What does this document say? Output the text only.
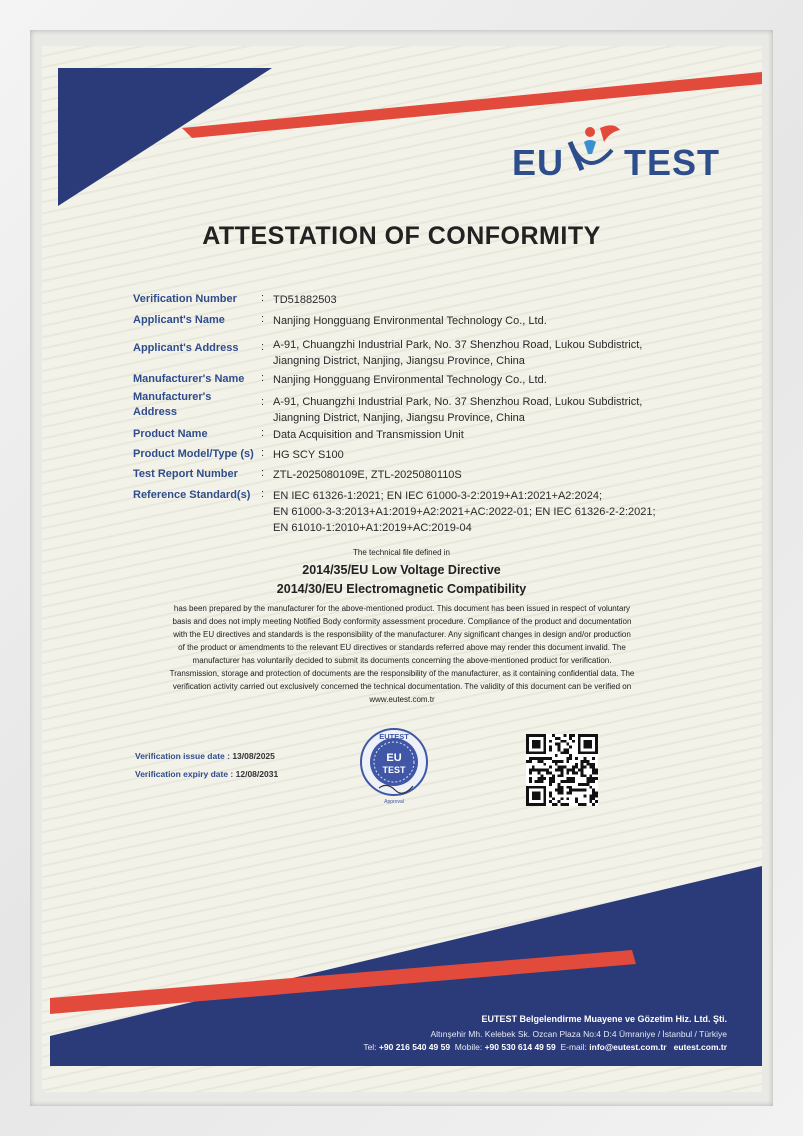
EU TEST
ATTESTATION OF CONFORMITY
Verification Number	: TD51882503
Applicant's Name	: Nanjing Hongguang Environmental Technology Co., Ltd.
Applicant's Address	: A-91, Chuangzhi Industrial Park, No. 37 Shenzhou Road, Lukou Subdistrict,
Jiangning District, Nanjing, Jiangsu Province, China
Manufacturer's Name	: Nanjing Hongguang Environmental Technology Co., Ltd.
Manufacturer's
Address
: A-91, Chuangzhi Industrial Park, No. 37 Shenzhou Road, Lukou Subdistrict,
Jiangning District, Nanjing, Jiangsu Province, China
Product Name	: Data Acquisition and Transmission Unit
Product Model/Type (s) : HG SCY S100
Test Report Number	: ZTL-2025080109E, ZTL-2025080110S
Reference Standard(s) : EN IEC 61326-1:2021; EN IEC 61000-3-2:2019+A1:2021+A2:2024;
EN 61000-3-3:2013+A1:2019+A2:2021+AC:2022-01; EN IEC 61326-2-2:2021;
EN 61010-1:2010+A1:2019+AC:2019-04
The technical file defined in
2014/35/EU Low Voltage Directive
2014/30/EU Electromagnetic Compatibility
has been prepared by the manufacturer for the above-mentioned product. This document has been issued in respect of voluntary
basis and does not imply meeting Notified Body conformity assessment procedure. Compliance of the product and documentation
with the EU directives and standards is the responsibility of the manufacturer. Any significant changes in design and/or production
of the product or amendments to the relevant EU directives or standards referred above may render this document invalid. The
manufacturer has voluntarily decided to submit its documents concerning the above-mentioned product for verification.
Transmission, storage and protection of documents are the responsibility of the manufacturer, as it containing confidential data. The
verification activity carried out exclusively concerned the technical documentation. The validity of this document can be verified on
www.eutest.com.tr
Verification issue date : 13/08/2025
Verification expiry date : 12/08/2031
EUTEST
EU
TEST
Approval
EUTEST Belgelendirme Muayene ve Gözetim Hiz. Ltd. Şti.
Altınşehir Mh. Kelebek Sk. Ozcan Plaza No:4 D:4 Ümraniye / İstanbul / Türkiye
Tel: +90 216 540 49 59 Mobile: +90 530 614 49 59 E-mail: info@eutest.com.tr eutest.com.tr
